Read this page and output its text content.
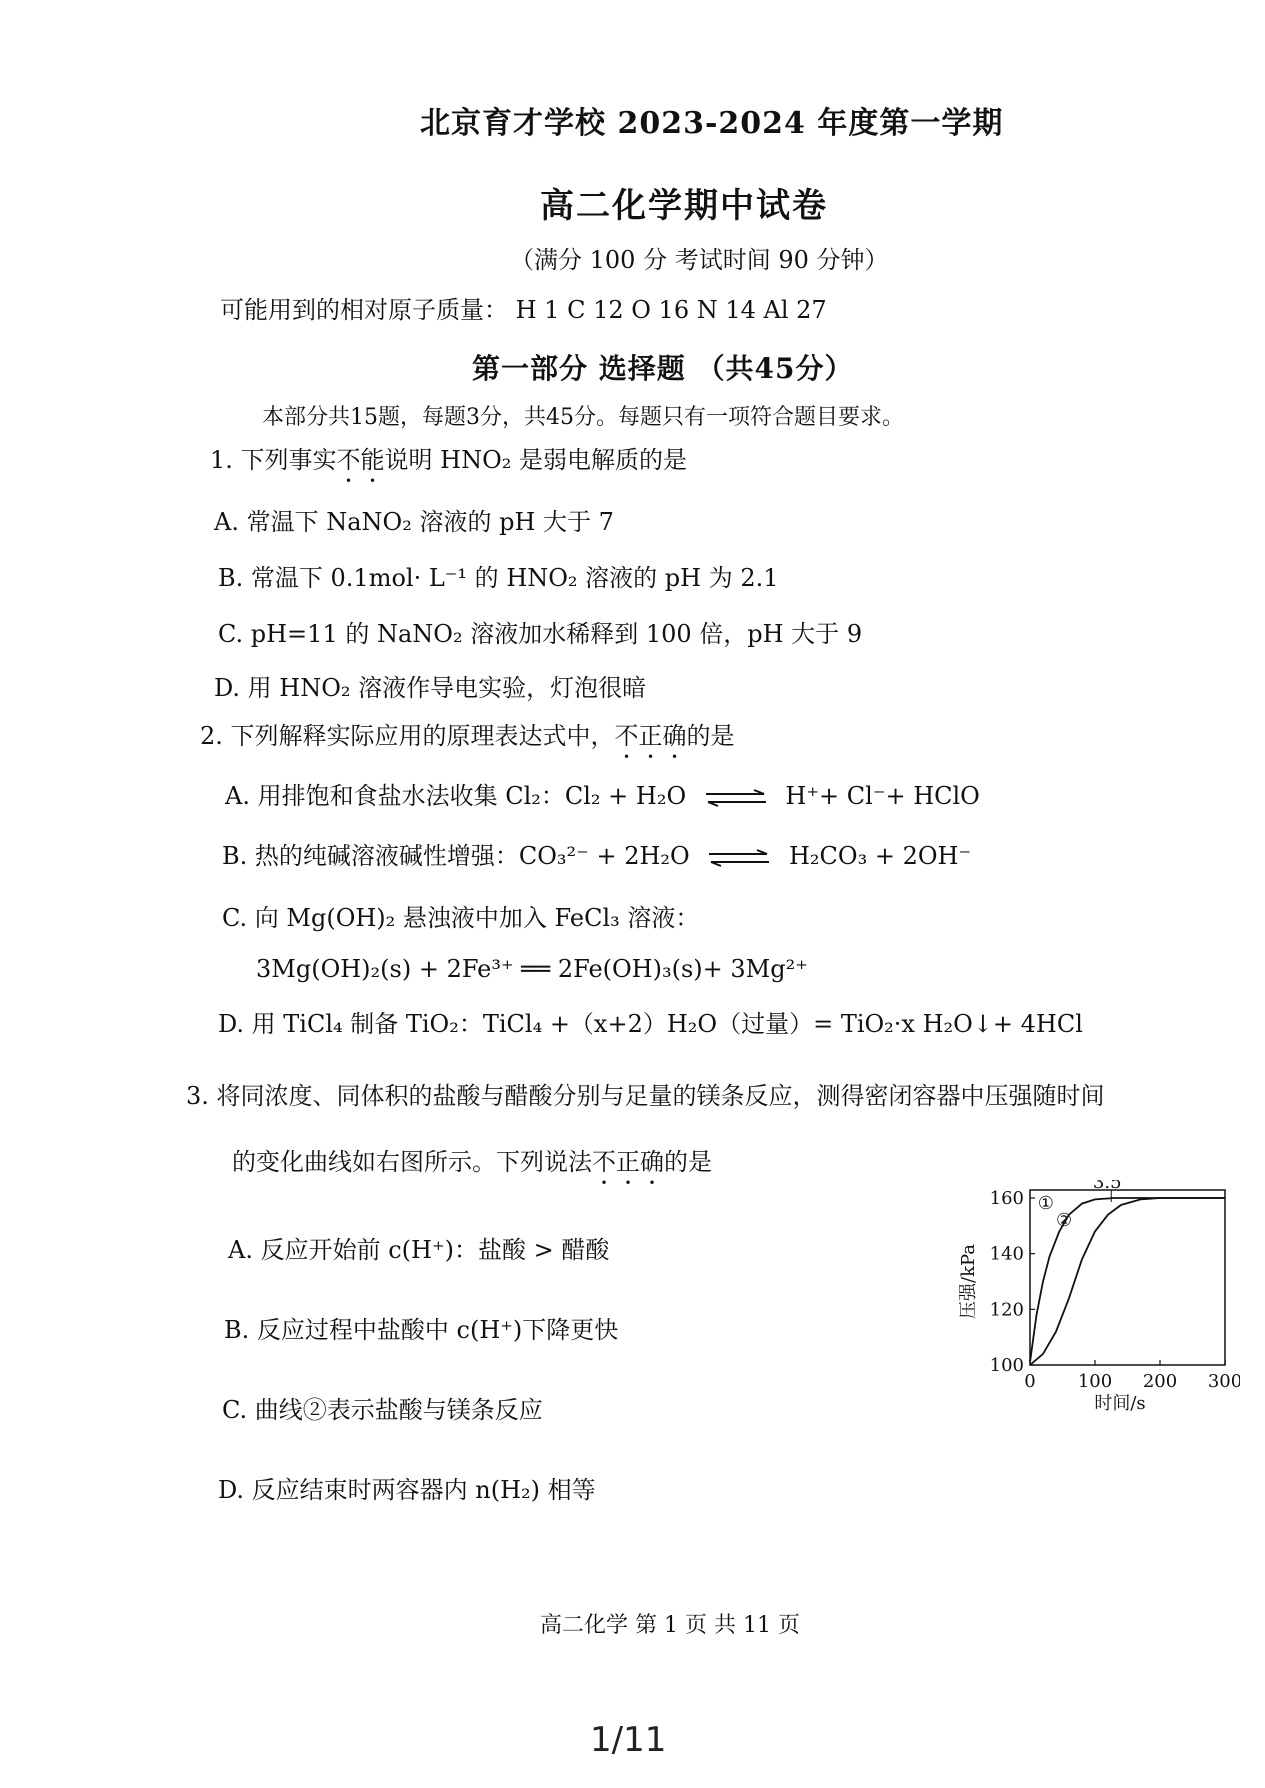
北京育才学校 2023-2024 年度第一学期
高二化学期中试卷
（满分 100 分 考试时间 90 分钟）
可能用到的相对原子质量： H 1 C 12 O 16 N 14 Al 27
第一部分 选择题 （共45分）
本部分共15题，每题3分，共45分。每题只有一项符合题目要求。
1. 下列事实不能说明 HNO₂ 是弱电解质的是
A. 常温下 NaNO₂ 溶液的 pH 大于 7
B. 常温下 0.1mol· L⁻¹ 的 HNO₂ 溶液的 pH 为 2.1
C. pH=11 的 NaNO₂ 溶液加水稀释到 100 倍，pH 大于 9
D. 用 HNO₂ 溶液作导电实验，灯泡很暗
2. 下列解释实际应用的原理表达式中，不正确的是
A. 用排饱和食盐水法收集 Cl₂：Cl₂ + H₂O ⇌ H⁺+ Cl⁻+ HClO
B. 热的纯碱溶液碱性增强：CO₃²⁻ + 2H₂O ⇌ H₂CO₃ + 2OH⁻
C. 向 Mg(OH)₂ 悬浊液中加入 FeCl₃ 溶液：
3Mg(OH)₂(s) + 2Fe³⁺ ══ 2Fe(OH)₃(s)+ 3Mg²⁺
D. 用 TiCl₄ 制备 TiO₂：TiCl₄ +（x+2）H₂O（过量）= TiO₂·x H₂O↓+ 4HCl
3. 将同浓度、同体积的盐酸与醋酸分别与足量的镁条反应，测得密闭容器中压强随时间
的变化曲线如右图所示。下列说法不正确的是
A. 反应开始前 c(H⁺)：盐酸 > 醋酸
B. 反应过程中盐酸中 c(H⁺)下降更快
C. 曲线②表示盐酸与镁条反应
D. 反应结束时两容器内 n(H₂) 相等
100
120
140
160
0 100 200 300
时间/s
压强/kPa
3.5
①
②
高二化学 第 1 页 共 11 页
1/11
